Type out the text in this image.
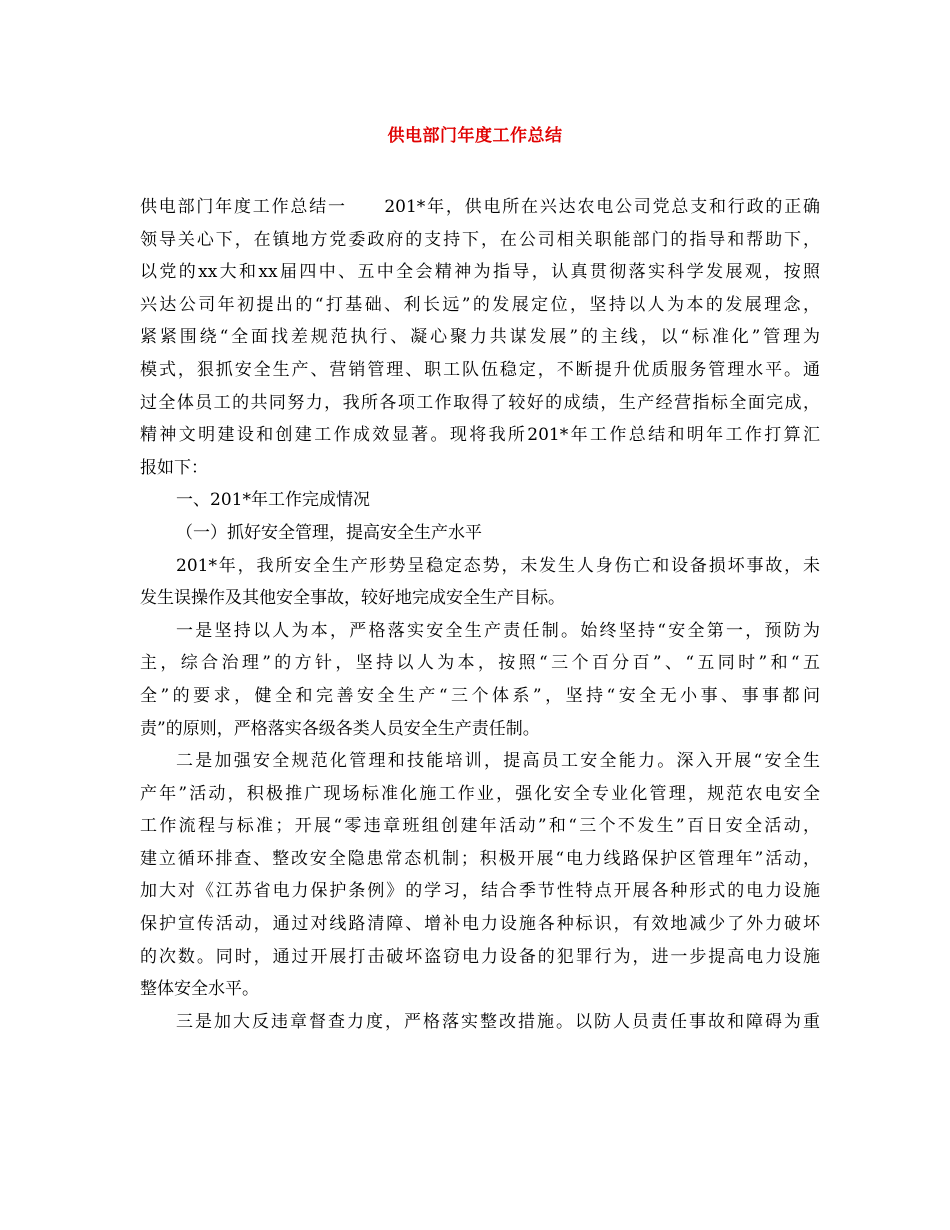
供电部门年度工作总结
供电部门年度工作总结一　　201*年，供电所在兴达农电公司党总支和行政的正确
领导关心下，在镇地方党委政府的支持下，在公司相关职能部门的指导和帮助下，
以党的xx大和xx届四中、五中全会精神为指导，认真贯彻落实科学发展观，按照
兴达公司年初提出的“打基础、利长远”的发展定位，坚持以人为本的发展理念，
紧紧围绕“全面找差规范执行、凝心聚力共谋发展”的主线，以“标准化”管理为
模式，狠抓安全生产、营销管理、职工队伍稳定，不断提升优质服务管理水平。通
过全体员工的共同努力，我所各项工作取得了较好的成绩，生产经营指标全面完成，
精神文明建设和创建工作成效显著。现将我所201*年工作总结和明年工作打算汇
报如下：
一、201*年工作完成情况
（一）抓好安全管理，提高安全生产水平
201*年，我所安全生产形势呈稳定态势，未发生人身伤亡和设备损坏事故，未
发生误操作及其他安全事故，较好地完成安全生产目标。
一是坚持以人为本，严格落实安全生产责任制。始终坚持“安全第一，预防为
主，综合治理”的方针，坚持以人为本，按照“三个百分百”、“五同时”和“五
全”的要求，健全和完善安全生产“三个体系”，坚持“安全无小事、事事都问
责”的原则，严格落实各级各类人员安全生产责任制。
二是加强安全规范化管理和技能培训，提高员工安全能力。深入开展“安全生
产年”活动，积极推广现场标准化施工作业，强化安全专业化管理，规范农电安全
工作流程与标准；开展“零违章班组创建年活动”和“三个不发生”百日安全活动，
建立循环排查、整改安全隐患常态机制；积极开展“电力线路保护区管理年”活动，
加大对《江苏省电力保护条例》的学习，结合季节性特点开展各种形式的电力设施
保护宣传活动，通过对线路清障、增补电力设施各种标识，有效地减少了外力破坏
的次数。同时，通过开展打击破坏盗窃电力设备的犯罪行为，进一步提高电力设施
整体安全水平。
三是加大反违章督查力度，严格落实整改措施。以防人员责任事故和障碍为重
